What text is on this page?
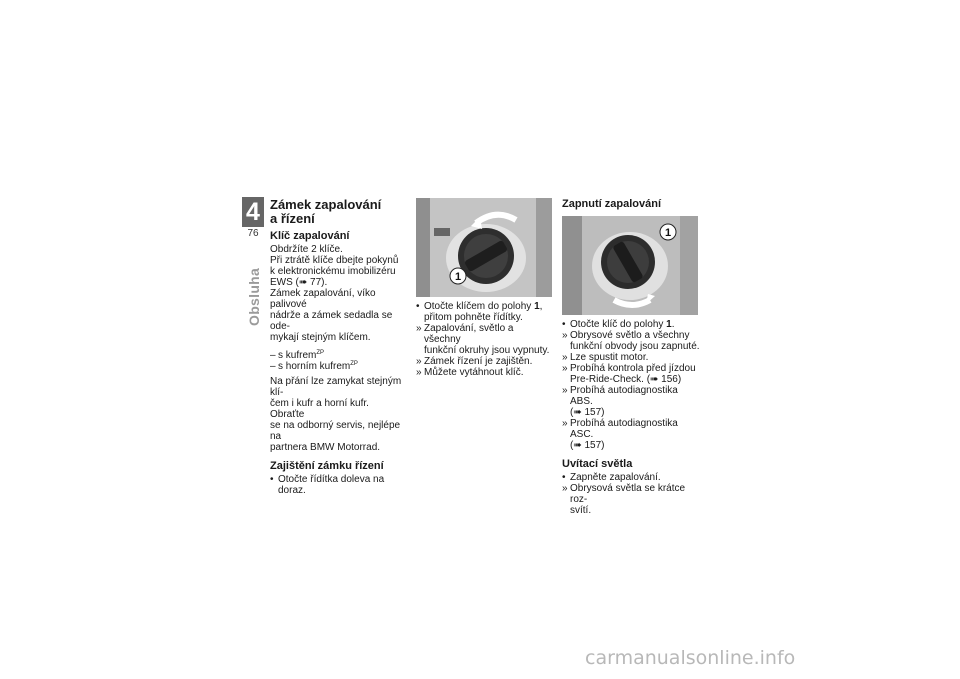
4
76
Obsluha
Zámek zapalování
a řízení
Klíč zapalování

Obdržíte 2 klíče.

Při ztrátě klíče dbejte pokynů

k elektronickému imobilizéru

EWS (➠ 77).

Zámek zapalování, víko palivové

nádrže a zámek sedadla se ode-

mykají stejným klíčem.

– s kufrem$^{ZP}$
– s horním kufrem$^{ZP}$

Na přání lze zamykat stejným klí-

čem i kufr a horní kufr. Obraťte

se na odborný servis, nejlépe na

partnera BMW Motorrad.

Zajištění zámku řízení
• Otočte řídítka doleva na doraz.
1
• Otočte klíčem do polohy 1,
přitom pohněte řídítky.
» Zapalování, světlo a všechny
funkční okruhy jsou vypnuty.
» Zámek řízení je zajištěn.
» Můžete vytáhnout klíč.
Zapnutí zapalování
1
• Otočte klíč do polohy 1.
» Obrysové světlo a všechny
funkční obvody jsou zapnuté.
» Lze spustit motor.
» Probíhá kontrola před jízdou
Pre-Ride-Check. (➠ 156)
» Probíhá autodiagnostika ABS.
(➠ 157)
» Probíhá autodiagnostika ASC.
(➠ 157)
Uvítací světla
• Zapněte zapalování.
» Obrysová světla se krátce roz-
svítí.
carmanualsonline.info
